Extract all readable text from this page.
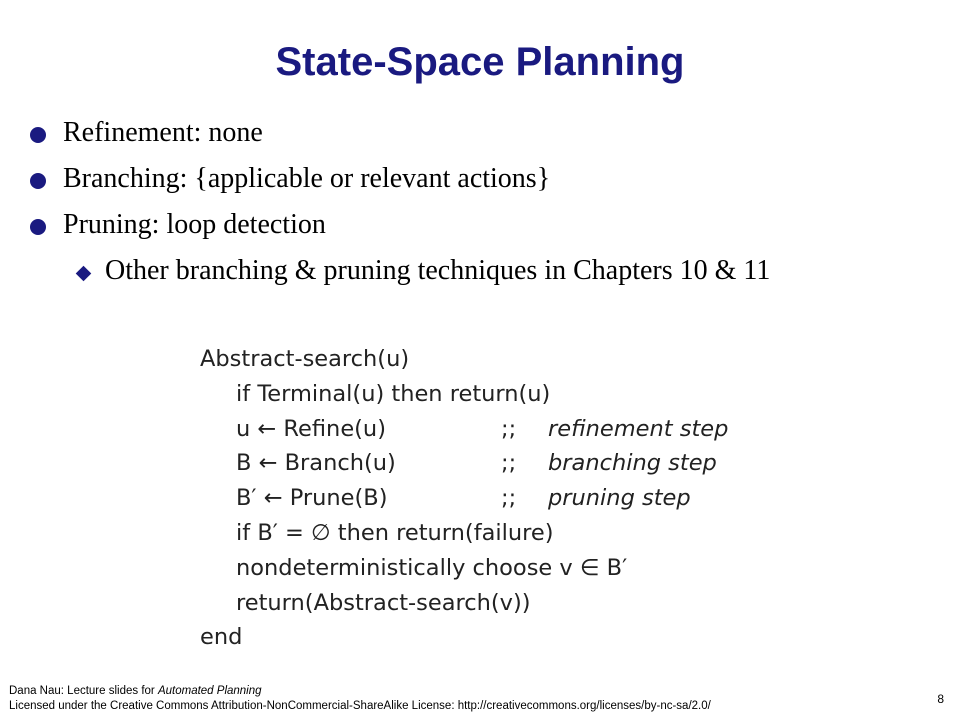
State-Space Planning
Refinement: none
Branching: {applicable or relevant actions}
Pruning: loop detection
Other branching & pruning techniques in Chapters 10 & 11
Abstract-search(u)
if Terminal(u) then return(u)
u ← Refine(u)	;; refinement step
B ← Branch(u)	;; branching step
B′ ← Prune(B)	;; pruning step
if B′ = ∅ then return(failure)
nondeterministically choose v ∈ B′
return(Abstract-search(v))
end
Dana Nau: Lecture slides for Automated Planning
Licensed under the Creative Commons Attribution-NonCommercial-ShareAlike License: http://creativecommons.org/licenses/by-nc-sa/2.0/	8
